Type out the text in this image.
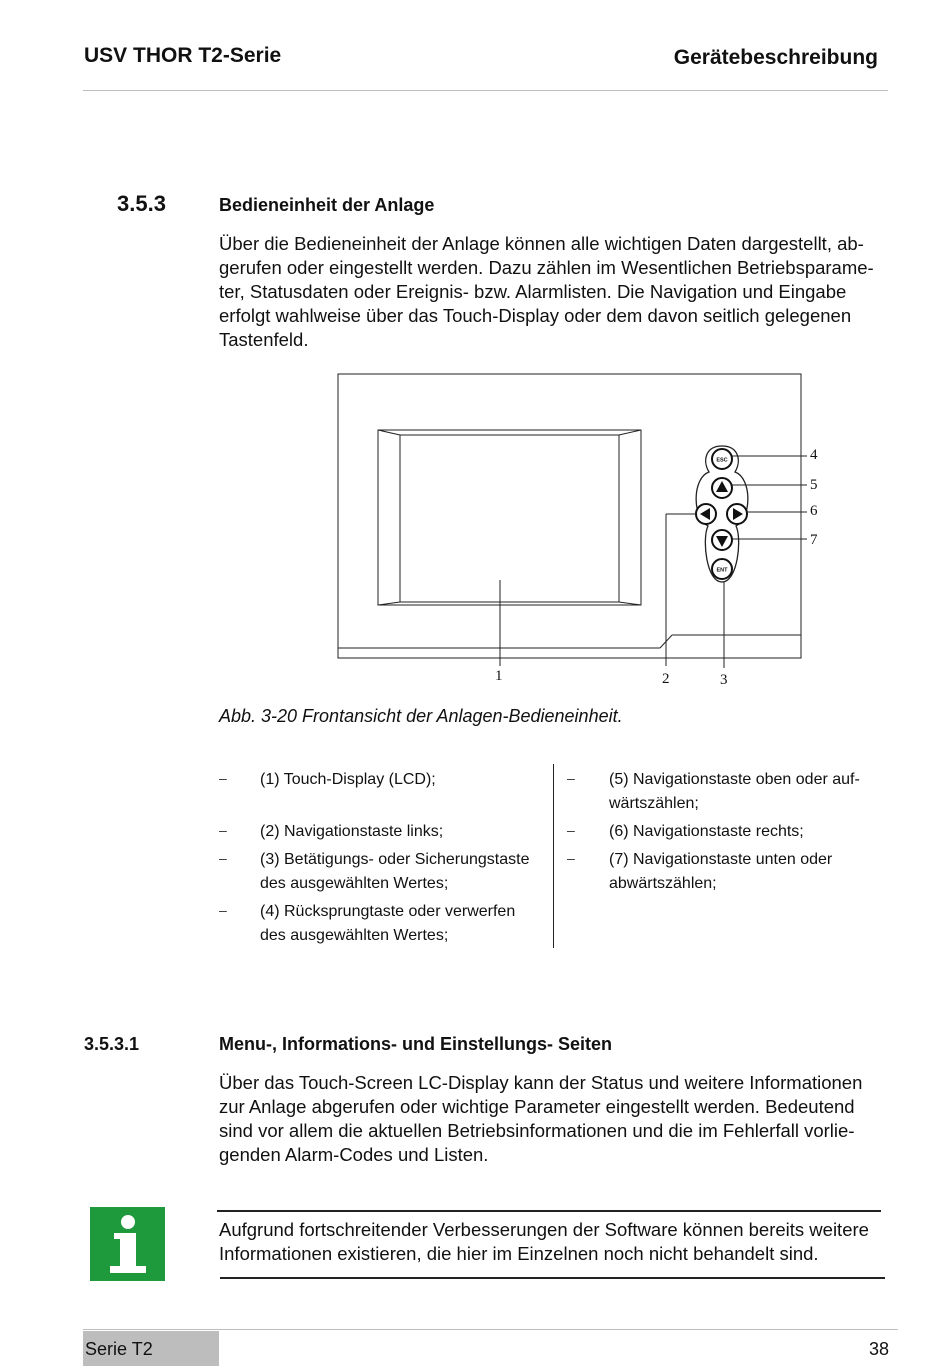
USV THOR T2-Serie	Gerätebeschreibung
3.5.3	Bedieneinheit der Anlage

Über die Bedieneinheit der Anlage können alle wichtigen Daten dargestellt, ab-

gerufen oder eingestellt werden. Dazu zählen im Wesentlichen Betriebsparame-

ter, Statusdaten oder Ereignis- bzw. Alarmlisten. Die Navigation und Eingabe

erfolgt wahlweise über das Touch-Display oder dem davon seitlich gelegenen

Tastenfeld.

ESC
ENT
1	2	3
4
5
6
7
Abb. 3-20 Frontansicht der Anlagen-Bedieneinheit.
– (1) Touch-Display (LCD);
– (2) Navigationstaste links;
– (3) Betätigungs- oder Sicherungstaste
des ausgewählten Wertes;
– (4) Rücksprungtaste oder verwerfen
des ausgewählten Wertes;
– (5) Navigationstaste oben oder auf-
wärtszählen;
– (6) Navigationstaste rechts;
– (7) Navigationstaste unten oder
abwärtszählen;
3.5.3.1	Menu-, Informations- und Einstellungs- Seiten

Über das Touch-Screen LC-Display kann der Status und weitere Informationen

zur Anlage abgerufen oder wichtige Parameter eingestellt werden. Bedeutend

sind vor allem die aktuellen Betriebsinformationen und die im Fehlerfall vorlie-

genden Alarm-Codes und Listen.

Aufgrund fortschreitender Verbesserungen der Software können bereits weitere

Informationen existieren, die hier im Einzelnen noch nicht behandelt sind.

Serie T2	38
